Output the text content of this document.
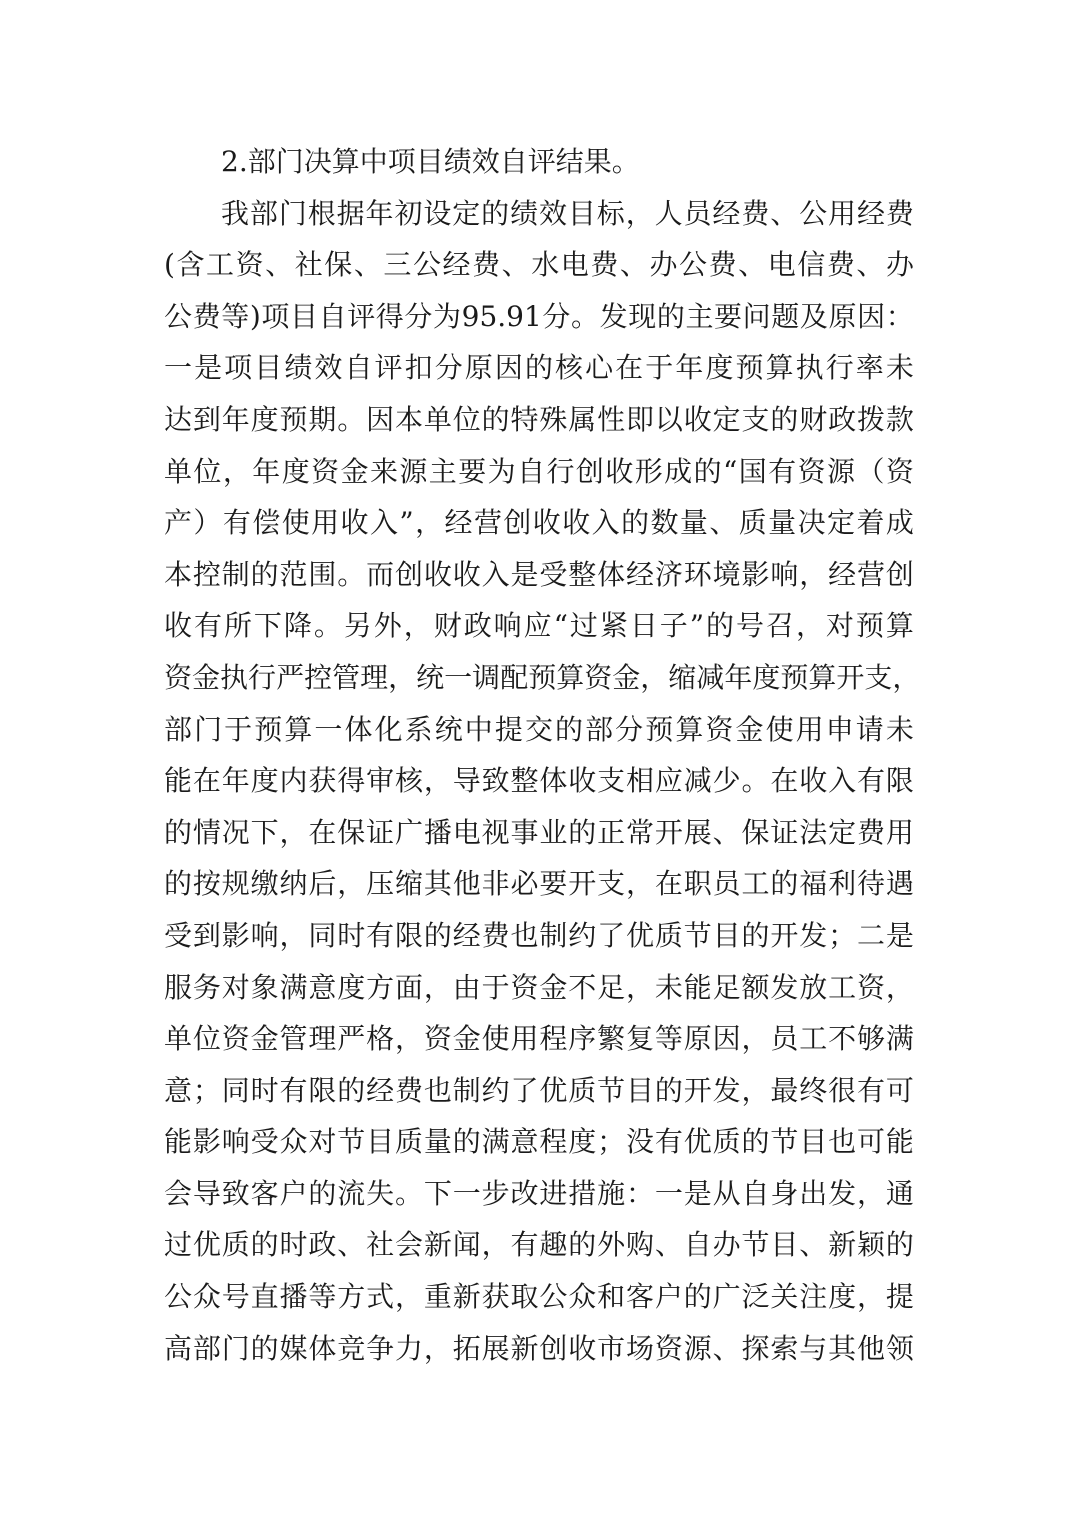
2.部门决算中项目绩效自评结果。
我 部 门 根 据 年 初 设 定 的 绩 效 目 标 ， 人 员 经 费 、 公 用 经 费
( 含 工 资 、 社 保 、 三 公 经 费 、 水 电 费 、 办 公 费 、 电 信 费 、 办
公 费 等 ) 项 目 自 评 得 分 为 95.91 分 。 发 现 的 主 要 问 题 及 原 因 ：
一 是 项 目 绩 效 自 评 扣 分 原 因 的 核 心 在 于 年 度 预 算 执 行 率 未
达 到 年 度 预 期 。 因 本 单 位 的 特 殊 属 性 即 以 收 定 支 的 财 政 拨 款
单 位 ， 年 度 资 金 来 源 主 要 为 自 行 创 收 形 成 的 “ 国 有 资 源 （ 资
产 ） 有 偿 使 用 收 入 ” ， 经 营 创 收 收 入 的 数 量 、 质 量 决 定 着 成
本 控 制 的 范 围 。 而 创 收 收 入 是 受 整 体 经 济 环 境 影 响 ， 经 营 创
收 有 所 下 降 。 另 外 ， 财 政 响 应 “ 过 紧 日 子 ” 的 号 召 ， 对 预 算
资 金 执 行 严 控 管 理 ， 统 一 调 配 预 算 资 金 ， 缩 减 年 度 预 算 开 支 ，
部 门 于 预 算 一 体 化 系 统 中 提 交 的 部 分 预 算 资 金 使 用 申 请 未
能 在 年 度 内 获 得 审 核 ， 导 致 整 体 收 支 相 应 减 少 。 在 收 入 有 限
的 情 况 下 ， 在 保 证 广 播 电 视 事 业 的 正 常 开 展 、 保 证 法 定 费 用
的 按 规 缴 纳 后 ， 压 缩 其 他 非 必 要 开 支 ， 在 职 员 工 的 福 利 待 遇
受 到 影 响 ， 同 时 有 限 的 经 费 也 制 约 了 优 质 节 目 的 开 发 ； 二 是
服 务 对 象 满 意 度 方 面 ， 由 于 资 金 不 足 ， 未 能 足 额 发 放 工 资 ，
单 位 资 金 管 理 严 格 ， 资 金 使 用 程 序 繁 复 等 原 因 ， 员 工 不 够 满
意 ； 同 时 有 限 的 经 费 也 制 约 了 优 质 节 目 的 开 发 ， 最 终 很 有 可
能 影 响 受 众 对 节 目 质 量 的 满 意 程 度 ； 没 有 优 质 的 节 目 也 可 能
会 导 致 客 户 的 流 失 。 下 一 步 改 进 措 施 ： 一 是 从 自 身 出 发 ， 通
过 优 质 的 时 政 、 社 会 新 闻 ， 有 趣 的 外 购 、 自 办 节 目 、 新 颖 的
公 众 号 直 播 等 方 式 ， 重 新 获 取 公 众 和 客 户 的 广 泛 关 注 度 ， 提
高 部 门 的 媒 体 竞 争 力 ， 拓 展 新 创 收 市 场 资 源 、 探 索 与 其 他 领
